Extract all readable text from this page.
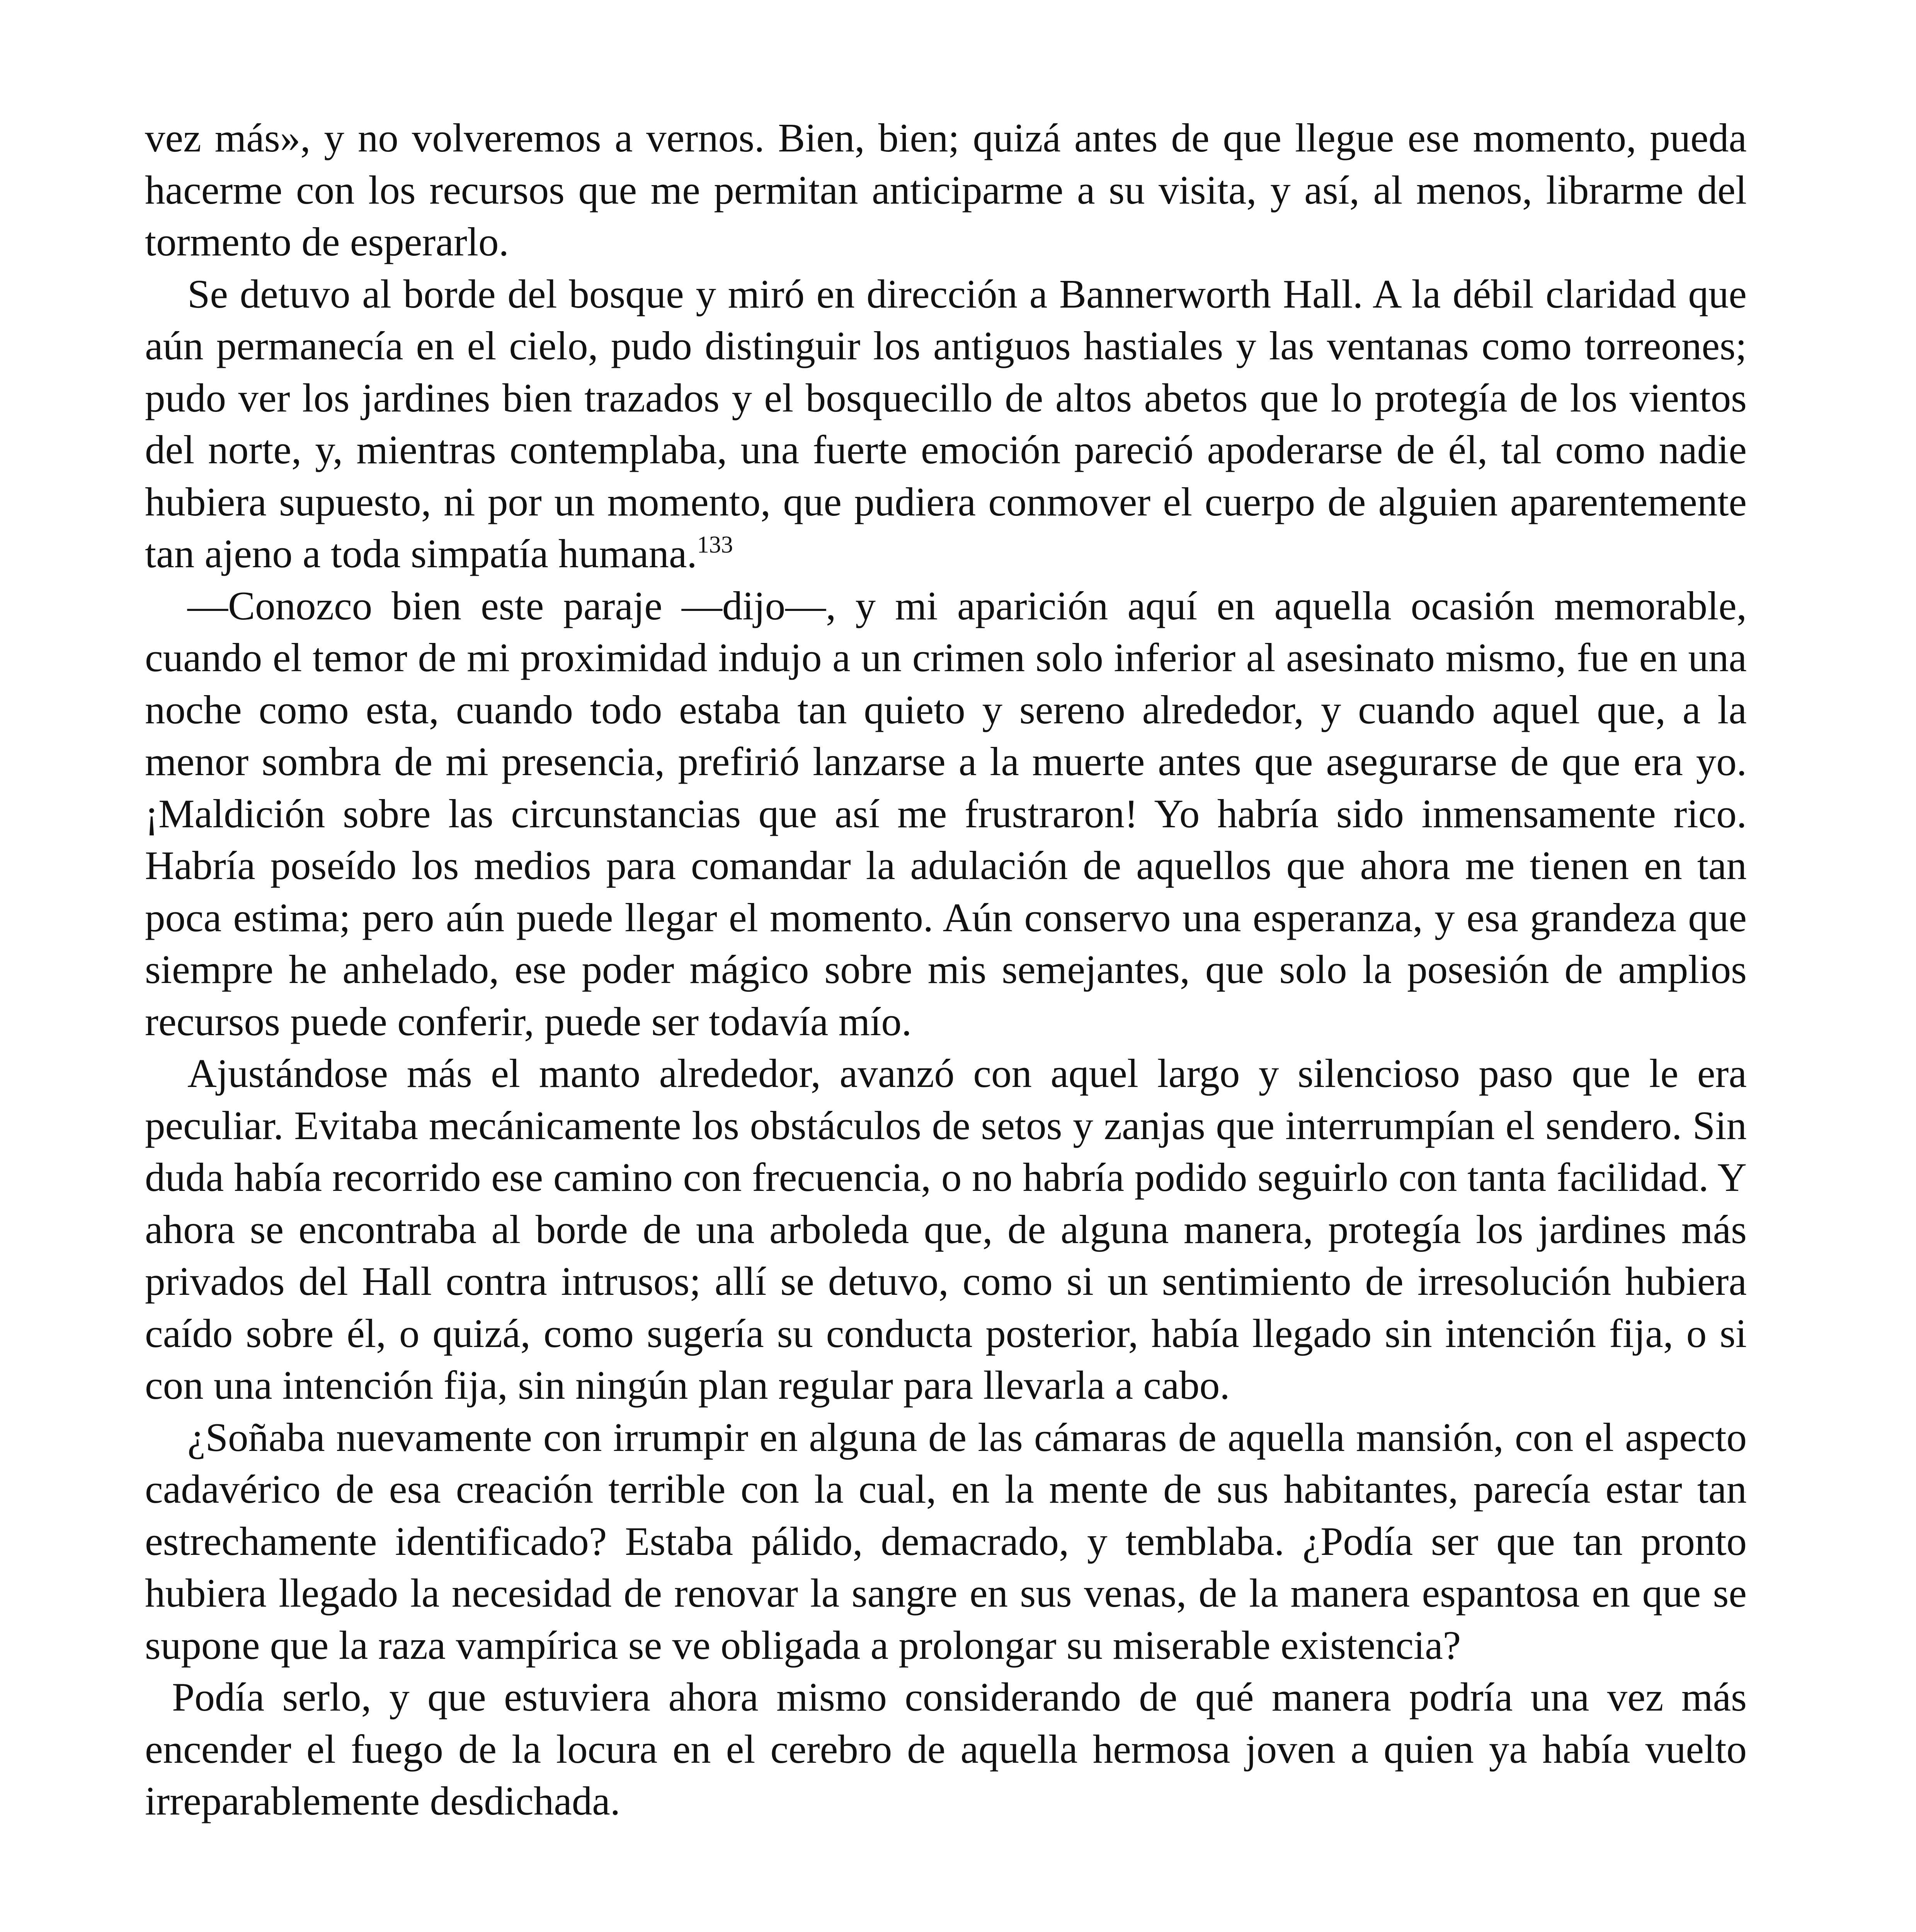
vez más», y no volveremos a vernos. Bien, bien; quizá antes de que llegue ese momento, pueda hacerme con los recursos que me permitan anticiparme a su visita, y así, al menos, librarme del tormento de esperarlo.

Se detuvo al borde del bosque y miró en dirección a Bannerworth Hall. A la débil claridad que aún permanecía en el cielo, pudo distinguir los antiguos hastiales y las ventanas como torreones; pudo ver los jardines bien trazados y el bosquecillo de altos abetos que lo protegía de los vientos del norte, y, mientras contemplaba, una fuerte emoción pareció apoderarse de él, tal como nadie hubiera supuesto, ni por un momento, que pudiera conmover el cuerpo de alguien aparentemente tan ajeno a toda simpatía humana.$^{133}$

—Conozco bien este paraje —dijo—, y mi aparición aquí en aquella ocasión memorable, cuando el temor de mi proximidad indujo a un crimen solo inferior al asesinato mismo, fue en una noche como esta, cuando todo estaba tan quieto y sereno alrededor, y cuando aquel que, a la menor sombra de mi presencia, prefirió lanzarse a la muerte antes que asegurarse de que era yo. ¡Maldición sobre las circunstancias que así me frustraron! Yo habría sido inmensamente rico. Habría poseído los medios para comandar la adulación de aquellos que ahora me tienen en tan poca estima; pero aún puede llegar el momento. Aún conservo una esperanza, y esa grandeza que siempre he anhelado, ese poder mágico sobre mis semejantes, que solo la posesión de amplios recursos puede conferir, puede ser todavía mío.

Ajustándose más el manto alrededor, avanzó con aquel largo y silencioso paso que le era peculiar. Evitaba mecánicamente los obstáculos de setos y zanjas que interrumpían el sendero. Sin duda había recorrido ese camino con frecuencia, o no habría podido seguirlo con tanta facilidad. Y ahora se encontraba al borde de una arboleda que, de alguna manera, protegía los jardines más privados del Hall contra intrusos; allí se detuvo, como si un sentimiento de irresolución hubiera caído sobre él, o quizá, como sugería su conducta posterior, había llegado sin intención fija, o si con una intención fija, sin ningún plan regular para llevarla a cabo.

¿Soñaba nuevamente con irrumpir en alguna de las cámaras de aquella mansión, con el aspecto cadavérico de esa creación terrible con la cual, en la mente de sus habitantes, parecía estar tan estrechamente identificado? Estaba pálido, demacrado, y temblaba. ¿Podía ser que tan pronto hubiera llegado la necesidad de renovar la sangre en sus venas, de la manera espantosa en que se supone que la raza vampírica se ve obligada a prolongar su miserable existencia?

Podía serlo, y que estuviera ahora mismo considerando de qué manera podría una vez más encender el fuego de la locura en el cerebro de aquella hermosa joven a quien ya había vuelto irreparablemente desdichada.
